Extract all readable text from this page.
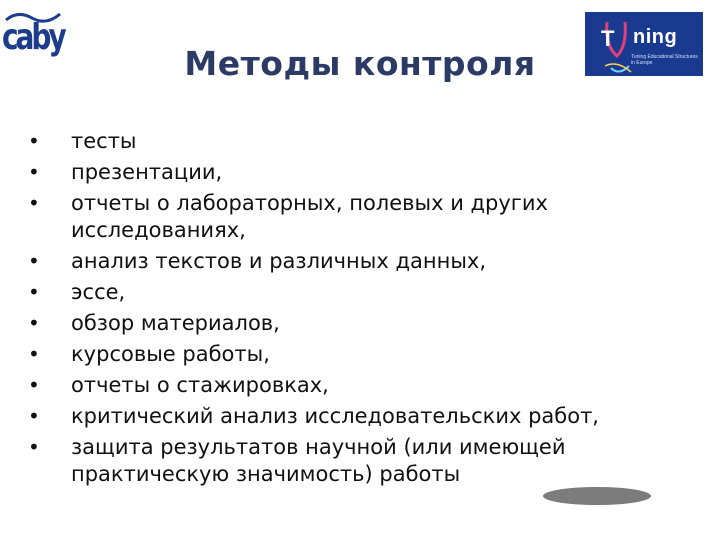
caby
Методы контроля
T ning
Tuning Educational Structures in Europe
• тесты
• презентации,
• отчеты о лабораторных, полевых и других исследованиях,
• анализ текстов и различных данных,
• эссе,
• обзор материалов,
• курсовые работы,
• отчеты о стажировках,
• критический анализ исследовательских работ,
• защита результатов научной (или имеющей практическую значимость) работы
